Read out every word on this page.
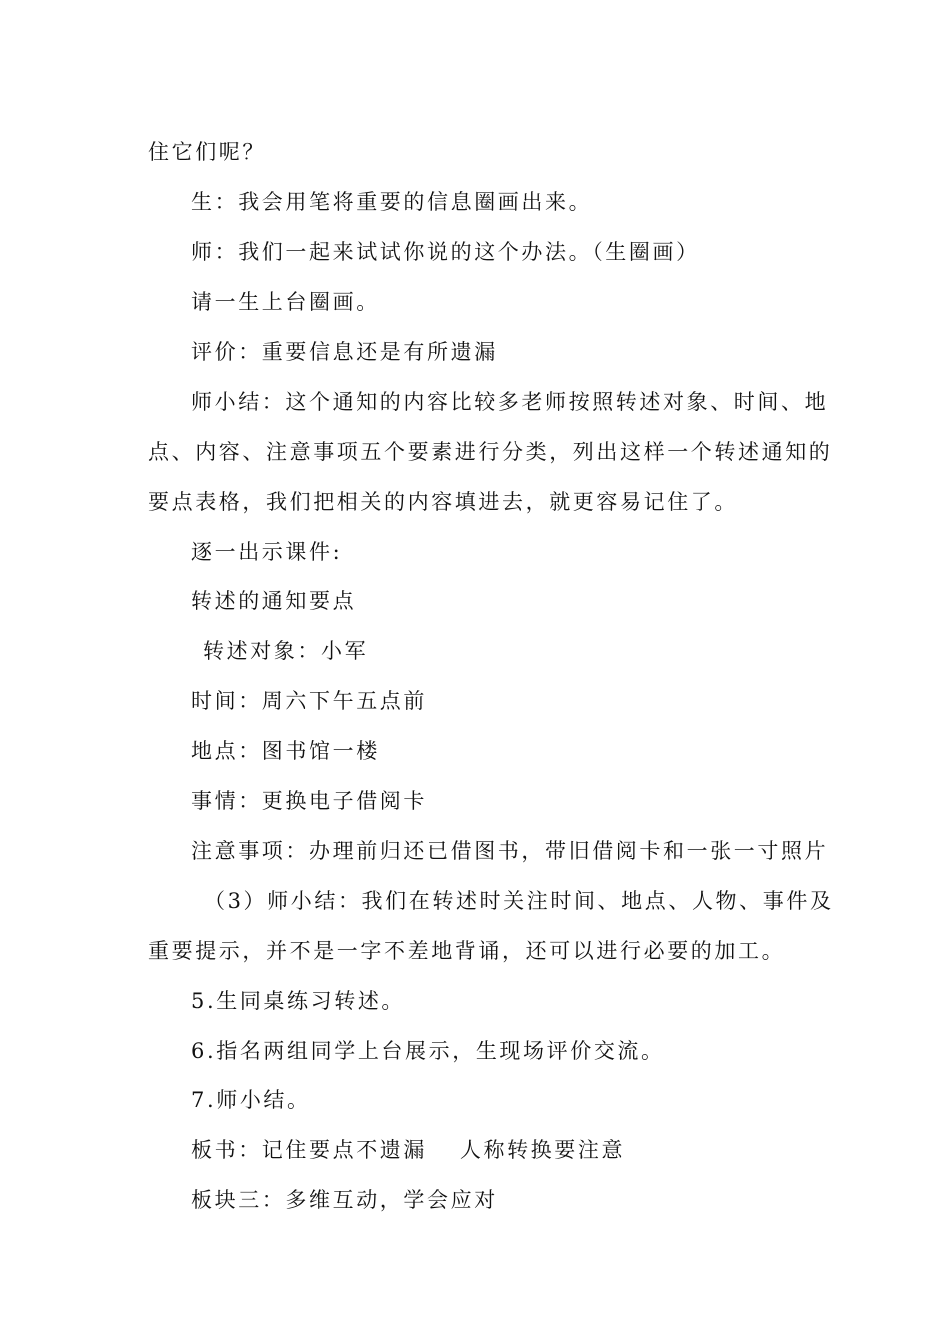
住它们呢？
生：我会用笔将重要的信息圈画出来。
师：我们一起来试试你说的这个办法。（生圈画）
请一生上台圈画。
评价：重要信息还是有所遗漏
师小结：这个通知的内容比较多老师按照转述对象、时间、地
点、内容、注意事项五个要素进行分类，列出这样一个转述通知的
要点表格，我们把相关的内容填进去，就更容易记住了。
逐一出示课件:
转述的通知要点
转述对象：小军
时间：周六下午五点前
地点：图书馆一楼
事情：更换电子借阅卡
注意事项：办理前归还已借图书，带旧借阅卡和一张一寸照片
（3）师小结：我们在转述时关注时间、地点、人物、事件及
重要提示，并不是一字不差地背诵，还可以进行必要的加工。
5.生同桌练习转述。
6.指名两组同学上台展示，生现场评价交流。
7.师小结。
板书：记住要点不遗漏　 人称转换要注意
板块三：多维互动，学会应对
